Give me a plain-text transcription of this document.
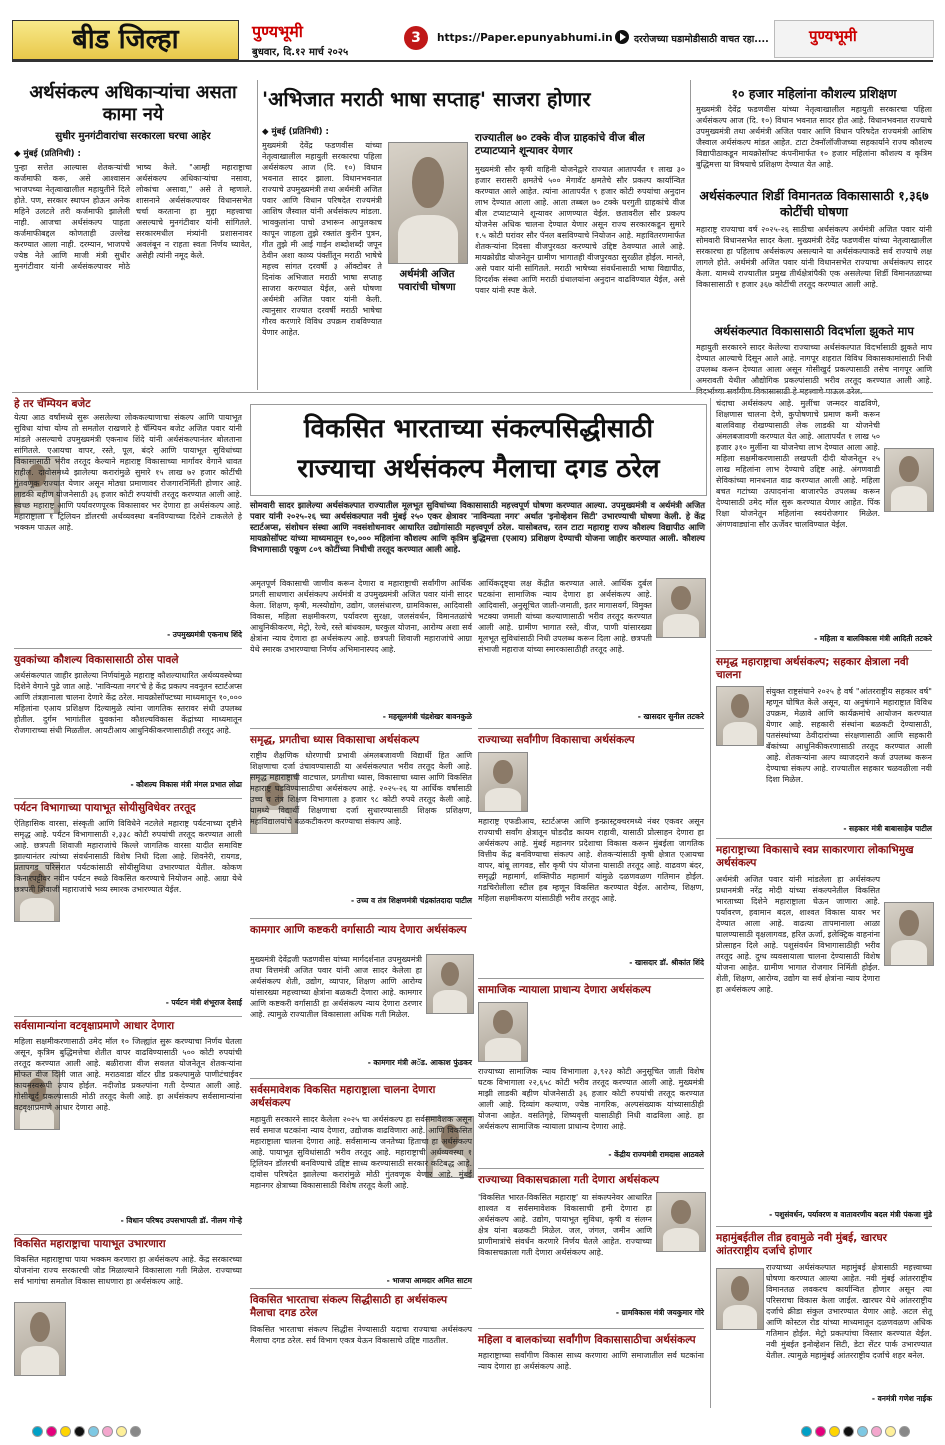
बीड जिल्हा	पुण्यभूमी
बुधवार, दि.१२ मार्च २०२५
3	https://Paper.epunyabhumi.in दररोजच्या घडामोडीसाठी वाचत रहा....	पुण्यभूमी
अर्थसंकल्प अधिकाऱ्यांचा असता कामा नये
सुधीर मुनगंटीवारांचा सरकारला घरचा आहेर
◆ मुंबई (प्रतिनिधी) :
पुन्हा सत्तेत आल्यास शेतकऱ्यांची कर्जमाफी करू, असे आश्वासन भाजपच्या नेतृत्वाखालील महायुतीने दिले होते. पण, सरकार स्थापन होऊन अनेक महिने उलटले तरी कर्जमाफी झालेली नाही. आजचा अर्थसंकल्प पाहता कर्जमाफीबद्दल कोणताही उल्लेख करण्यात आला नाही. दरम्यान, भाजपचे ज्येष्ठ नेते आणि माजी मंत्री सुधीर मुनगंटीवार यांनी अर्थसंकल्पावर मोठे भाष्य केले. "आम्ही महाराष्ट्राचा अर्थसंकल्प अधिकाऱ्यांचा नसावा, लोकांचा असावा," असे ते म्हणाले. शासनाने अर्थसंकल्पावर विधानसभेत चर्चा करताना हा मुद्दा महत्त्वाचा असल्याचे मुनगंटीवार यांनी सांगितले. सरकारमधील मंत्र्यांनी प्रशासनावर अवलंबून न राहता स्वतः निर्णय घ्यावेत, असेही त्यांनी नमूद केले.
'अभिजात मराठी भाषा सप्ताह' साजरा होणार
◆ मुंबई (प्रतिनिधी) :
मुख्यमंत्री देवेंद्र फडणवीस यांच्या नेतृत्वाखालील महायुती सरकारचा पहिला अर्थसंकल्प आज (दि. १०) विधान भवनात सादर झाला. विधानभवनात राज्याचे उपमुख्यमंत्री तथा अर्थमंत्री अजित पवार आणि विधान परिषदेत राज्यमंत्री आशिष जैस्वाल यांनी अर्थसंकल्प मांडला. भावकुलांना पाचो उभारून आपुलकाच कापून जाहला तुझे रक्तांत कुरीन पुत्रन, गीत तुझे मी आई गाईन शब्दोशब्दी जपून ठेवीन अशा काव्य पंक्तींतून मराठी भाषेचे महत्त्व सांगत दरवर्षी ३ ऑक्टोबर ते दिनांक अभिजात मराठी भाषा सप्ताह साजरा करण्यात येईल, असे घोषणा अर्थमंत्री अजित पवार यांनी केली. त्यानुसार राज्यात दरवर्षी मराठी भाषेचा गौरव करणारे विविध उपक्रम राबविण्यात येणार आहेत.
अर्थमंत्री अजित पवारांची घोषणा
राज्यातील ७० टक्के वीज ग्राहकांचे वीज बील टप्याटप्याने शून्यावर येणार
मुख्यमंत्री सौर कृषी वाहिनी योजनेद्वारे राज्यात आतापर्यंत १ लाख ३० हजार सरासरी क्षमतेचे ५०० मेगावॅट क्षमतेचे सौर प्रकल्प कार्यान्वित करण्यात आले आहेत. त्यांना आतापर्यंत ९ हजार कोटी रुपयांचा अनुदान लाभ देण्यात आला आहे. आता तब्बल ७० टक्के घरगुती ग्राहकांचे वीज बील टप्याटप्याने शून्यावर आणण्यात येईल. छतावरील सौर प्रकल्प योजनेस अधिक चालना देण्यात येणार असून राज्य सरकारकडून सुमारे १.५ कोटी घरांवर सौर पॅनल बसविण्याचे नियोजन आहे. महावितरणमार्फत शेतकऱ्यांना दिवसा वीजपुरवठा करण्याचे उद्दिष्ट ठेवण्यात आले आहे. मायक्रोग्रीड योजनेतून ग्रामीण भागातही वीजपुरवठा सुरळीत होईल. मानते, असे पवार यांनी सांगितले. मराठी भाषेच्या संवर्धनासाठी भाषा विद्यापीठ, दिग्दर्शक संस्था आणि मराठी ग्रंथालयांना अनुदान वाढविण्यात येईल, असे पवार यांनी स्पष्ट केले.
१० हजार महिलांना कौशल्य प्रशिक्षण
मुख्यमंत्री देवेंद्र फडणवीस यांच्या नेतृत्वाखालील महायुती सरकारचा पहिला अर्थसंकल्प आज (दि. १०) विधान भवनात सादर होत आहे. विधानभवनात राज्याचे उपमुख्यमंत्री तथा अर्थमंत्री अजित पवार आणि विधान परिषदेत राज्यमंत्री आशिष जैस्वाल अर्थसंकल्प मांडत आहेत. टाटा टेक्नॉलॉजीजच्या सहकार्याने राज्य कौशल्य विद्यापीठाकडून मायक्रोसॉफ्ट कंपनीमार्फत १० हजार महिलांना कौशल्य व कृत्रिम बुद्धिमत्ता या विषयाचे प्रशिक्षण देण्यात येत आहे.
अर्थसंकल्पात शिर्डी विमानतळ विकासासाठी १,३६७ कोटींची घोषणा
महाराष्ट्र राज्याचा वर्ष २०२५-२६ साठीचा अर्थसंकल्प अर्थमंत्री अजित पवार यांनी सोमवारी विधानसभेत सादर केला. मुख्यमंत्री देवेंद्र फडणवीस यांच्या नेतृत्वाखालील सरकारचा हा पहिलाच अर्थसंकल्प असल्याने या अर्थसंकल्पाकडे सर्व राज्याचे लक्ष लागले होते. अर्थमंत्री अजित पवार यांनी विधानसभेत राज्याचा अर्थसंकल्प सादर केला. यामध्ये राज्यातील प्रमुख तीर्थक्षेत्रांपैकी एक असलेल्या शिर्डी विमानतळाच्या विकासासाठी १ हजार ३६७ कोटींची तरतूद करण्यात आली आहे.
अर्थसंकल्पात विकासासाठी विदर्भाला झुकते माप
महायुती सरकारने सादर केलेल्या राज्याच्या अर्थसंकल्पात विदर्भासाठी झुकते माप देण्यात आल्याचे दिसून आले आहे. नागपूर शहरात विविध विकासकामांसाठी निधी उपलब्ध करून देण्यात आला असून गोसीखुर्द प्रकल्पासाठी तसेच नागपूर आणि अमरावती येथील औद्योगिक प्रकल्पांसाठी भरीव तरतूद करण्यात आली आहे.
विकसित भारताच्या संकल्पसिद्धीसाठी
राज्याचा अर्थसंकल्प मैलाचा दगड ठरेल
सोमवारी सादर झालेल्या अर्थसंकल्पात राज्यातील मूलभूत सुविधांच्या विकासासाठी महत्त्वपूर्ण घोषणा करण्यात आल्या. उपमुख्यमंत्री व अर्थमंत्री अजित पवार यांनी २०२५-२६ च्या अर्थसंकल्पात नवी मुंबई २५० एकर क्षेत्रावर 'नाविन्यता नगर' अर्थात 'इनोव्हेशन सिटी' उभारण्याची घोषणा केली. हे केंद्र स्टार्टअप्स, संशोधन संस्था आणि नवसंशोधनावर आधारित उद्योगांसाठी महत्त्वपूर्ण ठरेल. यासोबतच, रतन टाटा महाराष्ट्र राज्य कौशल्य विद्यापीठ आणि मायक्रोसॉफ्ट यांच्या माध्यमातून १०,००० महिलांना कौशल्य आणि कृत्रिम बुद्धिमत्ता (एआय) प्रशिक्षण देण्याची योजना जाहीर करण्यात आली. कौशल्य विभागासाठी एकूण ८०९ कोटींच्या निधीची तरतूद करण्यात आली आहे.
हे तर चॅम्पियन बजेट
येत्या आठ वर्षांमध्ये सुरू असलेल्या लोककल्याणाचा संकल्प आणि पायाभूत सुविधा यांचा योग्य तो समतोल राखणारे हे चॅम्पियन बजेट अजित पवार यांनी मांडले असल्याचे उपमुख्यमंत्री एकनाथ शिंदे यांनी अर्थसंकल्पानंतर बोलताना सांगितले. एआयचा वापर, रस्ते, पूल, बंदरे आणि पायाभूत सुविधांच्या विकासासाठी भरीव तरतूद केल्याने महाराष्ट्र विकासाच्या मार्गावर वेगाने धावत राहील. दावोसमध्ये झालेल्या करारांमुळे सुमारे १५ लाख ७२ हजार कोटींची गुंतवणूक राज्यात येणार असून मोठ्या प्रमाणावर रोजगारनिर्मिती होणार आहे. लाडकी बहीण योजनेसाठी ३६ हजार कोटी रुपयांची तरतूद करण्यात आली आहे. स्वच्छ महाराष्ट्र आणि पर्यावरणपूरक विकासावर भर देणारा हा अर्थसंकल्प आहे. महाराष्ट्राला १ ट्रिलियन डॉलरची अर्थव्यवस्था बनविण्याच्या दिशेने टाकलेले हे भक्कम पाऊल आहे.
- उपमुख्यमंत्री एकनाथ शिंदे
युवकांच्या कौशल्य विकासासाठी ठोस पावले
अर्थसंकल्पात जाहीर झालेल्या निर्णयांमुळे महाराष्ट्र कौशल्याधारित अर्थव्यवस्थेच्या दिशेने वेगाने पुढे जात आहे. 'नाविन्यता नगर'चे हे केंद्र प्रकल्प नवनूतन स्टार्टअप्स आणि तंत्रज्ञानाला चालना देणारे केंद्र ठरेल. मायक्रोसॉफ्टच्या माध्यमातून १०,००० महिलांना एआय प्रशिक्षण दिल्यामुळे त्यांना जागतिक स्तरावर संधी उपलब्ध होतील. दुर्गम भागांतील युवकांना कौशल्यविकास केंद्रांच्या माध्यमातून रोजगाराच्या संधी मिळतील. आयटीआय आधुनिकीकरणासाठीही तरतूद आहे.
- कौशल्य विकास मंत्री मंगल प्रभात लोढा
पर्यटन विभागाच्या पायाभूत सोयीसुविधेवर तरतूद
ऐतिहासिक वारसा, संस्कृती आणि विविधेने नटलेले महाराष्ट्र पर्यटनाच्या दृष्टीने समृद्ध आहे. पर्यटन विभागासाठी २,३३८ कोटी रुपयांची तरतूद करण्यात आली आहे. छत्रपती शिवाजी महाराजांचे किल्ले जागतिक वारसा यादीत समाविष्ट झाल्यानंतर त्यांच्या संवर्धनासाठी विशेष निधी दिला आहे. शिवनेरी, रायगड, प्रतापगड परिसरात पर्यटकांसाठी सोयीसुविधा उभारण्यात येतील. कोकण किनारपट्टीवर नवीन पर्यटन स्थळे विकसित करण्याचे नियोजन आहे. आग्रा येथे छत्रपती शिवाजी महाराजांचे भव्य स्मारक उभारण्यात येईल.
- पर्यटन मंत्री शंभूराज देसाई
सर्वसामान्यांना वटवृक्षाप्रमाणे आधार देणारा
महिला सक्षमीकरणासाठी उमेद मॉल १० जिल्ह्यांत सुरू करण्याचा निर्णय घेतला असून, कृत्रिम बुद्धिमत्तेचा शेतीत वापर वाढविण्यासाठी ५०० कोटी रुपयांची तरतूद करण्यात आली आहे. बळीराजा वीज सवलत योजनेतून शेतकऱ्यांना मोफत वीज दिली जात आहे. मराठवाडा वॉटर ग्रीड प्रकल्पामुळे पाणीटंचाईवर कायमस्वरूपी उपाय होईल. नदीजोड प्रकल्पांना गती देण्यात आली आहे. गोसीखुर्द प्रकल्पासाठी मोठी तरतूद केली आहे. हा अर्थसंकल्प सर्वसामान्यांना वटवृक्षाप्रमाणे आधार देणारा आहे.
- विधान परिषद उपसभापती डॉ. नीलम गोऱ्हे
विकसित महाराष्ट्राचा पायाभूत उभारणारा
विकसित महाराष्ट्राचा पाया भक्कम करणारा हा अर्थसंकल्प आहे. केंद्र सरकारच्या योजनांना राज्य सरकारची जोड मिळाल्याने विकासाला गती मिळेल. राज्याच्या सर्व भागांचा समतोल विकास साधणारा हा अर्थसंकल्प आहे.
अमृतपूर्ण विकासाची जाणीव करून देणारा व महाराष्ट्राची सर्वांगीण आर्थिक प्रगती साधणारा अर्थसंकल्प अर्थमंत्री व उपमुख्यमंत्री अजित पवार यांनी सादर केला. शिक्षण, कृषी, मत्स्योद्योग, उद्योग, जलसंधारण, ग्रामविकास, आदिवासी विकास, महिला सक्षमीकरण, पर्यावरण सुरक्षा, जलसंवर्धन, विमानतळांचे आधुनिकीकरण, मेट्रो, रेल्वे, रस्ते बांधकाम, घरकुल योजना, आरोग्य अशा सर्व क्षेत्रांना न्याय देणारा हा अर्थसंकल्प आहे. छत्रपती शिवाजी महाराजांचे आग्रा येथे स्मारक उभारण्याचा निर्णय अभिमानास्पद आहे.
- महसूलमंत्री चंद्रशेखर बावनकुळे
समृद्ध, प्रगतीचा ध्यास विकासाचा अर्थसंकल्प
राष्ट्रीय शैक्षणिक धोरणाची प्रभावी अंमलबजावणी विद्यार्थी हित आणि शिक्षणाचा दर्जा उंचावण्यासाठी या अर्थसंकल्पात भरीव तरतूद केली आहे. समृद्ध महाराष्ट्राची वाटचाल, प्रगतीचा ध्यास, विकासाचा ध्यास आणि विकसित महाराष्ट्र घडविण्यासाठीचा अर्थसंकल्प आहे. २०२५-२६ या आर्थिक वर्षासाठी उच्च व तंत्र शिक्षण विभागाला ३ हजार ९८ कोटी रुपये तरतूद केली आहे. यामध्ये विद्यार्थी शिक्षणाचा दर्जा सुधारण्यासाठी शिक्षक प्रशिक्षण, महाविद्यालयांचे बळकटीकरण करण्याचा संकल्प आहे.
- उच्च व तंत्र शिक्षणमंत्री चंद्रकांतदादा पाटील
कामगार आणि कष्टकरी वर्गासाठी न्याय देणारा अर्थसंकल्प
मुख्यमंत्री देवेंद्रजी फडणवीस यांच्या मार्गदर्शनात उपमुख्यमंत्री तथा वित्तमंत्री अजित पवार यांनी आज सादर केलेला हा अर्थसंकल्प शेती, उद्योग, व्यापार, शिक्षण आणि आरोग्य यांसारख्या महत्त्वाच्या क्षेत्रांना बळकटी देणारा आहे. कामगार आणि कष्टकरी वर्गासाठी हा अर्थसंकल्प न्याय देणारा ठरणार आहे. त्यामुळे राज्यातील विकासाला अधिक गती मिळेल.
- कामगार मंत्री अॅड. आकाश फुंडकर
सर्वसमावेशक विकसित महाराष्ट्राला चालना देणारा अर्थसंकल्प
महायुती सरकारने सादर केलेला २०२५ चा अर्थसंकल्प हा सर्वसमावेशक असून सर्व समाज घटकांना न्याय देणारा, उद्योजक वाढविणारा आहे. आणि विकसित महाराष्ट्राला चालना देणारा आहे. सर्वसामान्य जनतेच्या हिताचा हा अर्थसंकल्प आहे. पायाभूत सुविधांसाठी भरीव तरतूद आहे. महाराष्ट्राची अर्थव्यवस्था १ ट्रिलियन डॉलरची बनविण्याचे उद्दिष्ट साध्य करण्यासाठी सरकार कटिबद्ध आहे. दावोस परिषदेत झालेल्या करारांमुळे मोठी गुंतवणूक येणार आहे. मुंबई महानगर क्षेत्राच्या विकासासाठी विशेष तरतूद केली आहे.
- भाजपा आमदार अमित साटम
विकसित भारताचा संकल्प सिद्धीसाठी हा अर्थसंकल्प मैलाचा दगड ठरेल
विकसित भारताचा संकल्प सिद्धीस नेण्यासाठी यदाचा राज्याचा अर्थसंकल्प मैलाचा दगड ठरेल. सर्व विभाग एकत्र येऊन विकासाचे उद्दिष्ट गाठतील.
आर्थिकदृष्ट्या लक्ष केंद्रीत करण्यात आले. आर्थिक दुर्बल घटकांना सामाजिक न्याय देणारा हा अर्थसंकल्प आहे. आदिवासी, अनुसूचित जाती-जमाती, इतर मागासवर्ग, विमुक्त भटक्या जमाती यांच्या कल्याणासाठी भरीव तरतूद करण्यात आली आहे. ग्रामीण भागात रस्ते, वीज, पाणी यांसारख्या मूलभूत सुविधांसाठी निधी उपलब्ध करून दिला आहे. छत्रपती संभाजी महाराज यांच्या स्मारकासाठीही तरतूद आहे.
- खासदार सुनील तटकरे
राज्याच्या सर्वांगीण विकासाचा अर्थसंकल्प
महाराष्ट्र एफडीआय, स्टार्टअप्स आणि इन्फ्रास्ट्रक्चरमध्ये नंबर एकवर असून राज्याची सर्वांग क्षेत्रातून घोडदौड कायम राहावी, यासाठी प्रोत्साहन देणारा हा अर्थसंकल्प आहे. मुंबई महानगर प्रदेशाचा विकास करून मुंबईला जागतिक वित्तीय केंद्र बनविण्याचा संकल्प आहे. शेतकऱ्यांसाठी कृषी क्षेत्रात एआयचा वापर, बांबू लागवड, सौर कृषी पंप योजना यासाठी तरतूद आहे. वाढवण बंदर, समृद्धी महामार्ग, शक्तिपीठ महामार्ग यांमुळे दळणवळण गतिमान होईल. गडचिरोलीला स्टील हब म्हणून विकसित करण्यात येईल. आरोग्य, शिक्षण, महिला सक्षमीकरण यांसाठीही भरीव तरतूद आहे.
- खासदार डॉ. श्रीकांत शिंदे
सामाजिक न्यायाला प्राधान्य देणारा अर्थसंकल्प
राज्याच्या सामाजिक न्याय विभागाला ३,९२३ कोटी अनुसूचित जाती विशेष घटक विभागाला २२,६५८ कोटी भरीव तरतूद करण्यात आली आहे. मुख्यमंत्री माझी लाडकी बहीण योजनेसाठी ३६ हजार कोटी रुपयांची तरतूद करण्यात आली आहे. दिव्यांग कल्याण, ज्येष्ठ नागरिक, अल्पसंख्याक यांच्यासाठीही योजना आहेत. वसतिगृहे, शिष्यवृत्ती यासाठीही निधी वाढविला आहे. हा अर्थसंकल्प सामाजिक न्यायाला प्राधान्य देणारा आहे.
- केंद्रीय राज्यमंत्री रामदास आठवले
राज्याच्या विकासचक्राला गती देणारा अर्थसंकल्प
'विकसित भारत-विकसित महाराष्ट्र' या संकल्पनेवर आधारित शाश्वत व सर्वसमावेशक विकासाची हमी देणारा हा अर्थसंकल्प आहे. उद्योग, पायाभूत सुविधा, कृषी व संलग्न क्षेत्र यांना बळकटी मिळेल. जल, जंगल, जमीन आणि प्राणीमात्रांचे संवर्धन करणारे निर्णय घेतले आहेत. राज्याच्या विकासचक्राला गती देणारा अर्थसंकल्प आहे.
- ग्रामविकास मंत्री जयकुमार गोरे
महिला व बालकांच्या सर्वांगीण विकासासाठीचा अर्थसंकल्प
महाराष्ट्राच्या सर्वांगीण विकास साध्य करणारा आणि समाजातील सर्व घटकांना न्याय देणारा हा अर्थसंकल्प आहे.
चंदाचा अर्थसंकल्प आहे. मुलींचा जन्मदर वाढविणे, शिक्षणास चालना देणे, कुपोषणाचे प्रमाण कमी करून बालविवाह रोखण्यासाठी लेक लाडकी या योजनेची अंमलबजावणी करण्यात येत आहे. आतापर्यंत १ लाख ५० हजार ३१० मुलींना या योजनेचा लाभ देण्यात आला आहे. महिला सक्षमीकरणासाठी लखपती दीदी योजनेतून २५ लाख महिलांना लाभ देण्याचे उद्दिष्ट आहे. अंगणवाडी सेविकांच्या मानधनात वाढ करण्यात आली आहे. महिला बचत गटांच्या उत्पादनांना बाजारपेठ उपलब्ध करून देण्यासाठी उमेद मॉल सुरू करण्यात येणार आहेत. पिंक रिक्षा योजनेतून महिलांना स्वयंरोजगार मिळेल. अंगणवाड्यांना सौर ऊर्जेवर चालविण्यात येईल.
- महिला व बालविकास मंत्री आदिती तटकरे
समृद्ध महाराष्ट्राचा अर्थसंकल्प; सहकार क्षेत्राला नवी चालना
संयुक्त राष्ट्रसंघाने २०२५ हे वर्ष "आंतरराष्ट्रीय सहकार वर्ष" म्हणून घोषित केले असून, या अनुषंगाने महाराष्ट्रात विविध उपक्रम, मेळावे आणि कार्यक्रमांचे आयोजन करण्यात येणार आहे. सहकारी संस्थांना बळकटी देण्यासाठी, पतसंस्थांच्या ठेवीदारांच्या संरक्षणासाठी आणि सहकारी बँकांच्या आधुनिकीकरणासाठी तरतूद करण्यात आली आहे. शेतकऱ्यांना अल्प व्याजदराने कर्ज उपलब्ध करून देण्याचा संकल्प आहे. राज्यातील सहकार चळवळीला नवी दिशा मिळेल.
- सहकार मंत्री बाबासाहेब पाटील
महाराष्ट्राच्या विकासाचे स्वप्न साकारणारा लोकाभिमुख अर्थसंकल्प
अर्थमंत्री अजित पवार यांनी मांडलेला हा अर्थसंकल्प प्रधानमंत्री नरेंद्र मोदी यांच्या संकल्पनेतील विकसित भारताच्या दिशेने महाराष्ट्राला घेऊन जाणारा आहे. पर्यावरण, हवामान बदल, शाश्वत विकास यावर भर देण्यात आला आहे. वाढत्या तापमानाला आळा घालण्यासाठी वृक्षलागवड, हरित ऊर्जा, इलेक्ट्रिक वाहनांना प्रोत्साहन दिले आहे. पशुसंवर्धन विभागासाठीही भरीव तरतूद आहे. दुग्ध व्यवसायाला चालना देण्यासाठी विशेष योजना आहेत. ग्रामीण भागात रोजगार निर्मिती होईल. शेती, शिक्षण, आरोग्य, उद्योग या सर्व क्षेत्रांना न्याय देणारा हा अर्थसंकल्प आहे.
- पशुसंवर्धन, पर्यावरण व वातावरणीय बदल मंत्री पंकजा मुंडे
महामुंबईतील तीव्र हवामुळे नवी मुंबई, खारघर आंतरराष्ट्रीय दर्जाचे होणार
राज्याच्या अर्थसंकल्पात महामुंबई क्षेत्रासाठी महत्त्वाच्या घोषणा करण्यात आल्या आहेत. नवी मुंबई आंतरराष्ट्रीय विमानतळ लवकरच कार्यान्वित होणार असून त्या परिसराचा विकास केला जाईल. खारघर येथे आंतरराष्ट्रीय दर्जाचे क्रीडा संकुल उभारण्यात येणार आहे. अटल सेतू आणि कोस्टल रोड यांच्या माध्यमातून दळणवळण अधिक गतिमान होईल. मेट्रो प्रकल्पांचा विस्तार करण्यात येईल. नवी मुंबईत इनोव्हेशन सिटी, डेटा सेंटर पार्क उभारण्यात येतील. त्यामुळे महामुंबई आंतरराष्ट्रीय दर्जाचे शहर बनेल.
- वनमंत्री गणेश नाईक
